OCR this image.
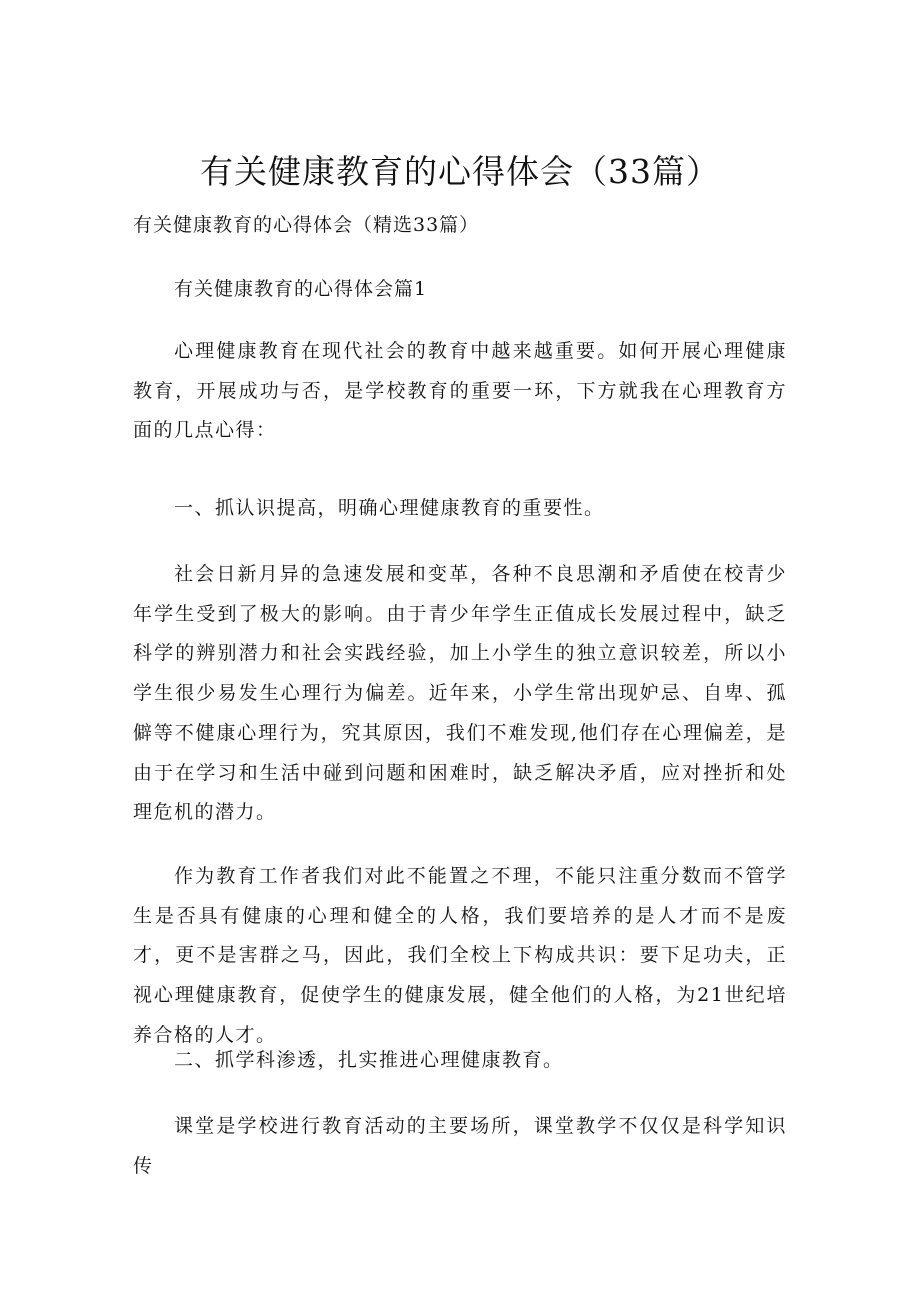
有关健康教育的心得体会（33篇）

有关健康教育的心得体会（精选33篇）

有关健康教育的心得体会篇1

心理健康教育在现代社会的教育中越来越重要。如何开展心理健康教育，开展成功与否，是学校教育的重要一环，下方就我在心理教育方面的几点心得：

一、抓认识提高，明确心理健康教育的重要性。

社会日新月异的急速发展和变革，各种不良思潮和矛盾使在校青少年学生受到了极大的影响。由于青少年学生正值成长发展过程中，缺乏科学的辨别潜力和社会实践经验，加上小学生的独立意识较差，所以小学生很少易发生心理行为偏差。近年来，小学生常出现妒忌、自卑、孤僻等不健康心理行为，究其原因，我们不难发现,他们存在心理偏差，是由于在学习和生活中碰到问题和困难时，缺乏解决矛盾，应对挫折和处理危机的潜力。

作为教育工作者我们对此不能置之不理，不能只注重分数而不管学生是否具有健康的心理和健全的人格，我们要培养的是人才而不是废才，更不是害群之马，因此，我们全校上下构成共识：要下足功夫，正视心理健康教育，促使学生的健康发展，健全他们的人格，为21世纪培养合格的人才。

二、抓学科渗透，扎实推进心理健康教育。

课堂是学校进行教育活动的主要场所，课堂教学不仅仅是科学知识传
